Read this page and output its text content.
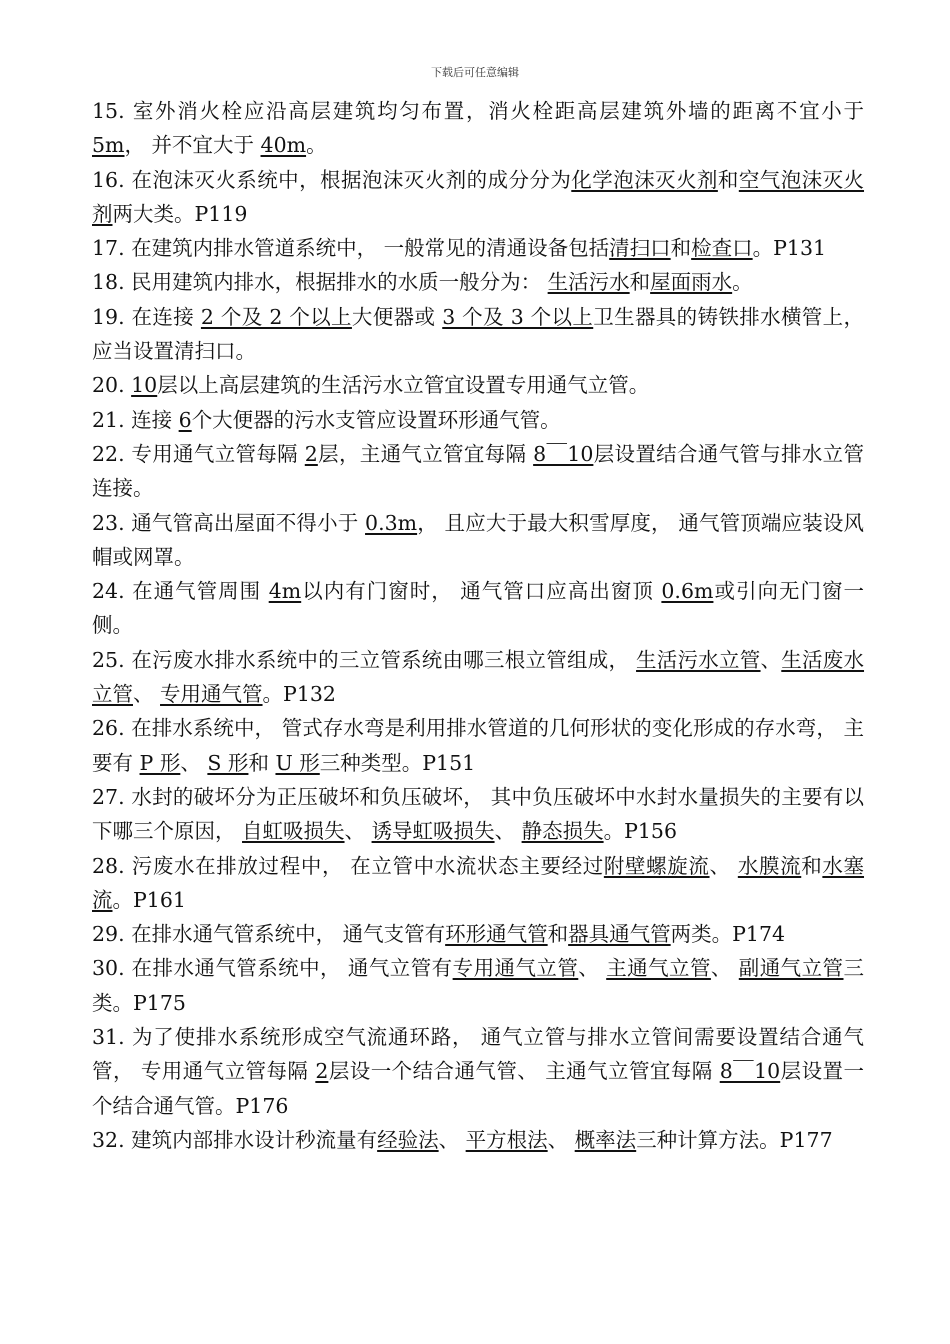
下载后可任意编辑

15. 室外消火栓应沿高层建筑均匀布置，消火栓距高层建筑外墙的距离不宜小于 5m， 并不宜大于 40m。

16. 在泡沫灭火系统中，根据泡沫灭火剂的成分分为化学泡沫灭火剂和空气泡沫灭火剂两大类。P119

17. 在建筑内排水管道系统中， 一般常见的清通设备包括清扫口和检查口。P131

18. 民用建筑内排水，根据排水的水质一般分为： 生活污水和屋面雨水。

19. 在连接 2 个及 2 个以上大便器或 3 个及 3 个以上卫生器具的铸铁排水横管上，应当设置清扫口。

20. 10层以上高层建筑的生活污水立管宜设置专用通气立管。

21. 连接 6个大便器的污水支管应设置环形通气管。

22. 专用通气立管每隔 2层，主通气立管宜每隔 8￣10层设置结合通气管与排水立管连接。

23. 通气管高出屋面不得小于 0.3m， 且应大于最大积雪厚度， 通气管顶端应装设风帽或网罩。

24. 在通气管周围 4m以内有门窗时， 通气管口应高出窗顶 0.6m或引向无门窗一侧。

25. 在污废水排水系统中的三立管系统由哪三根立管组成， 生活污水立管、生活废水立管、 专用通气管。P132

26. 在排水系统中， 管式存水弯是利用排水管道的几何形状的变化形成的存水弯， 主要有 P 形、 S 形和 U 形三种类型。P151

27. 水封的破坏分为正压破坏和负压破坏， 其中负压破坏中水封水量损失的主要有以下哪三个原因， 自虹吸损失、 诱导虹吸损失、 静态损失。P156

28. 污废水在排放过程中， 在立管中水流状态主要经过附壁螺旋流、 水膜流和水塞流。P161

29. 在排水通气管系统中， 通气支管有环形通气管和器具通气管两类。P174

30. 在排水通气管系统中， 通气立管有专用通气立管、 主通气立管、 副通气立管三类。P175

31. 为了使排水系统形成空气流通环路， 通气立管与排水立管间需要设置结合通气管， 专用通气立管每隔 2层设一个结合通气管、 主通气立管宜每隔 8￣10层设置一个结合通气管。P176

32. 建筑内部排水设计秒流量有经验法、 平方根法、 概率法三种计算方法。P177
